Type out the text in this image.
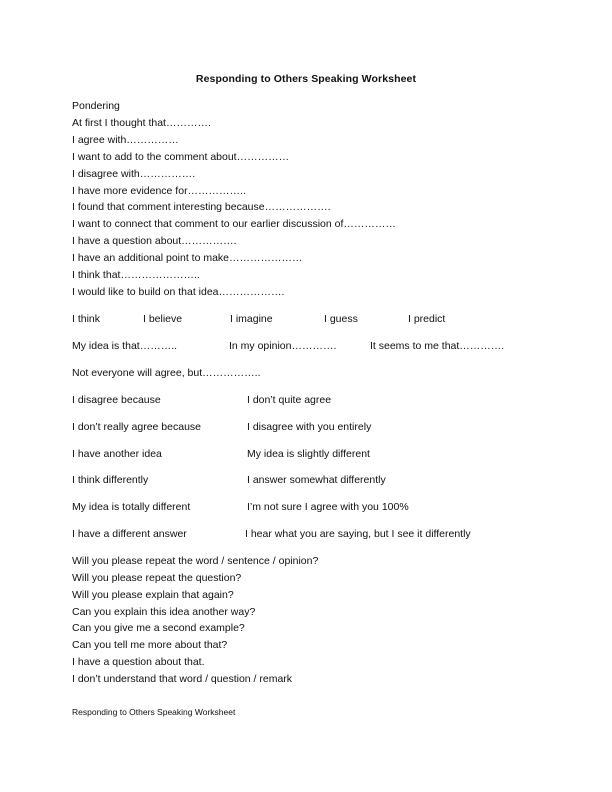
Responding to Others Speaking Worksheet
Pondering
At first I thought that………….
I agree with……………
I want to add to the comment about……………
I disagree with…………….
I have more evidence for……………..
I found that comment interesting because……………….
I want to connect that comment to our earlier discussion of……………
I have a question about…………….
I have an additional point to make…………………
I think that…………………..
I would like to build on that idea……………….
I think	I believe	I imagine	I guess	I predict
My idea is that………..	In my opinion………….	It seems to me that………….
Not everyone will agree, but……………..
I disagree because	I don’t quite agree
I don’t really agree because	I disagree with you entirely
I have another idea	My idea is slightly different
I think differently	I answer somewhat differently
My idea is totally different	I’m not sure I agree with you 100%
I have a different answer	I hear what you are saying, but I see it differently
Will you please repeat the word / sentence / opinion?
Will you please repeat the question?
Will you please explain that again?
Can you explain this idea another way?
Can you give me a second example?
Can you tell me more about that?
I have a question about that.
I don’t understand that word / question / remark
Responding to Others Speaking Worksheet
